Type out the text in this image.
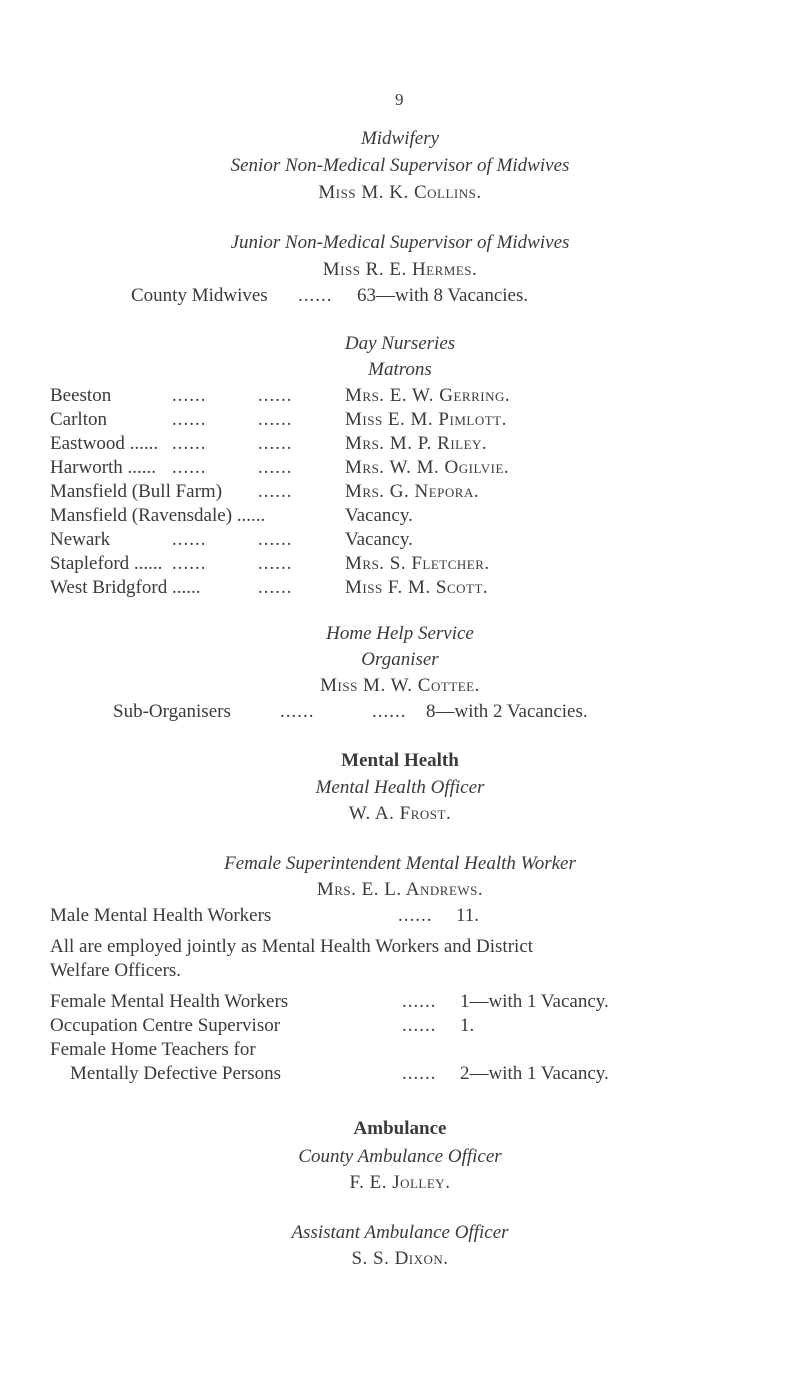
9
Midwifery
Senior Non-Medical Supervisor of Midwives
Miss M. K. Collins.
Junior Non-Medical Supervisor of Midwives
Miss R. E. Hermes.
County Midwives ...... 63—with 8 Vacancies.
Day Nurseries
Matrons
Beeston	......	......	Mrs. E. W. Gerring.
Carlton	......	......	Miss E. M. Pimlott.
Eastwood ...... ......	......	Mrs. M. P. Riley.
Harworth ...... ......	......	Mrs. W. M. Ogilvie.
Mansfield (Bull Farm) ......	Mrs. G. Nepora.
Mansfield (Ravensdale) ......	Vacancy.
Newark	......	......	Vacancy.
Stapleford ...... ......	......	Mrs. S. Fletcher.
West Bridgford ......	......	Miss F. M. Scott.
Home Help Service
Organiser
Miss M. W. Cottee.
Sub-Organisers	......          ...... 8—with 2 Vacancies.
Mental Health
Mental Health Officer
W. A. Frost.
Female Superintendent Mental Health Worker
Mrs. E. L. Andrews.
Male Mental Health Workers	...... 11.
All are employed jointly as Mental Health Workers and District
Welfare Officers.
Female Mental Health Workers	...... 1—with 1 Vacancy.
Occupation Centre Supervisor	...... 1.
Female Home Teachers for
Mentally Defective Persons	...... 2—with 1 Vacancy.
Ambulance
County Ambulance Officer
F. E. Jolley.
Assistant Ambulance Officer
S. S. Dixon.
